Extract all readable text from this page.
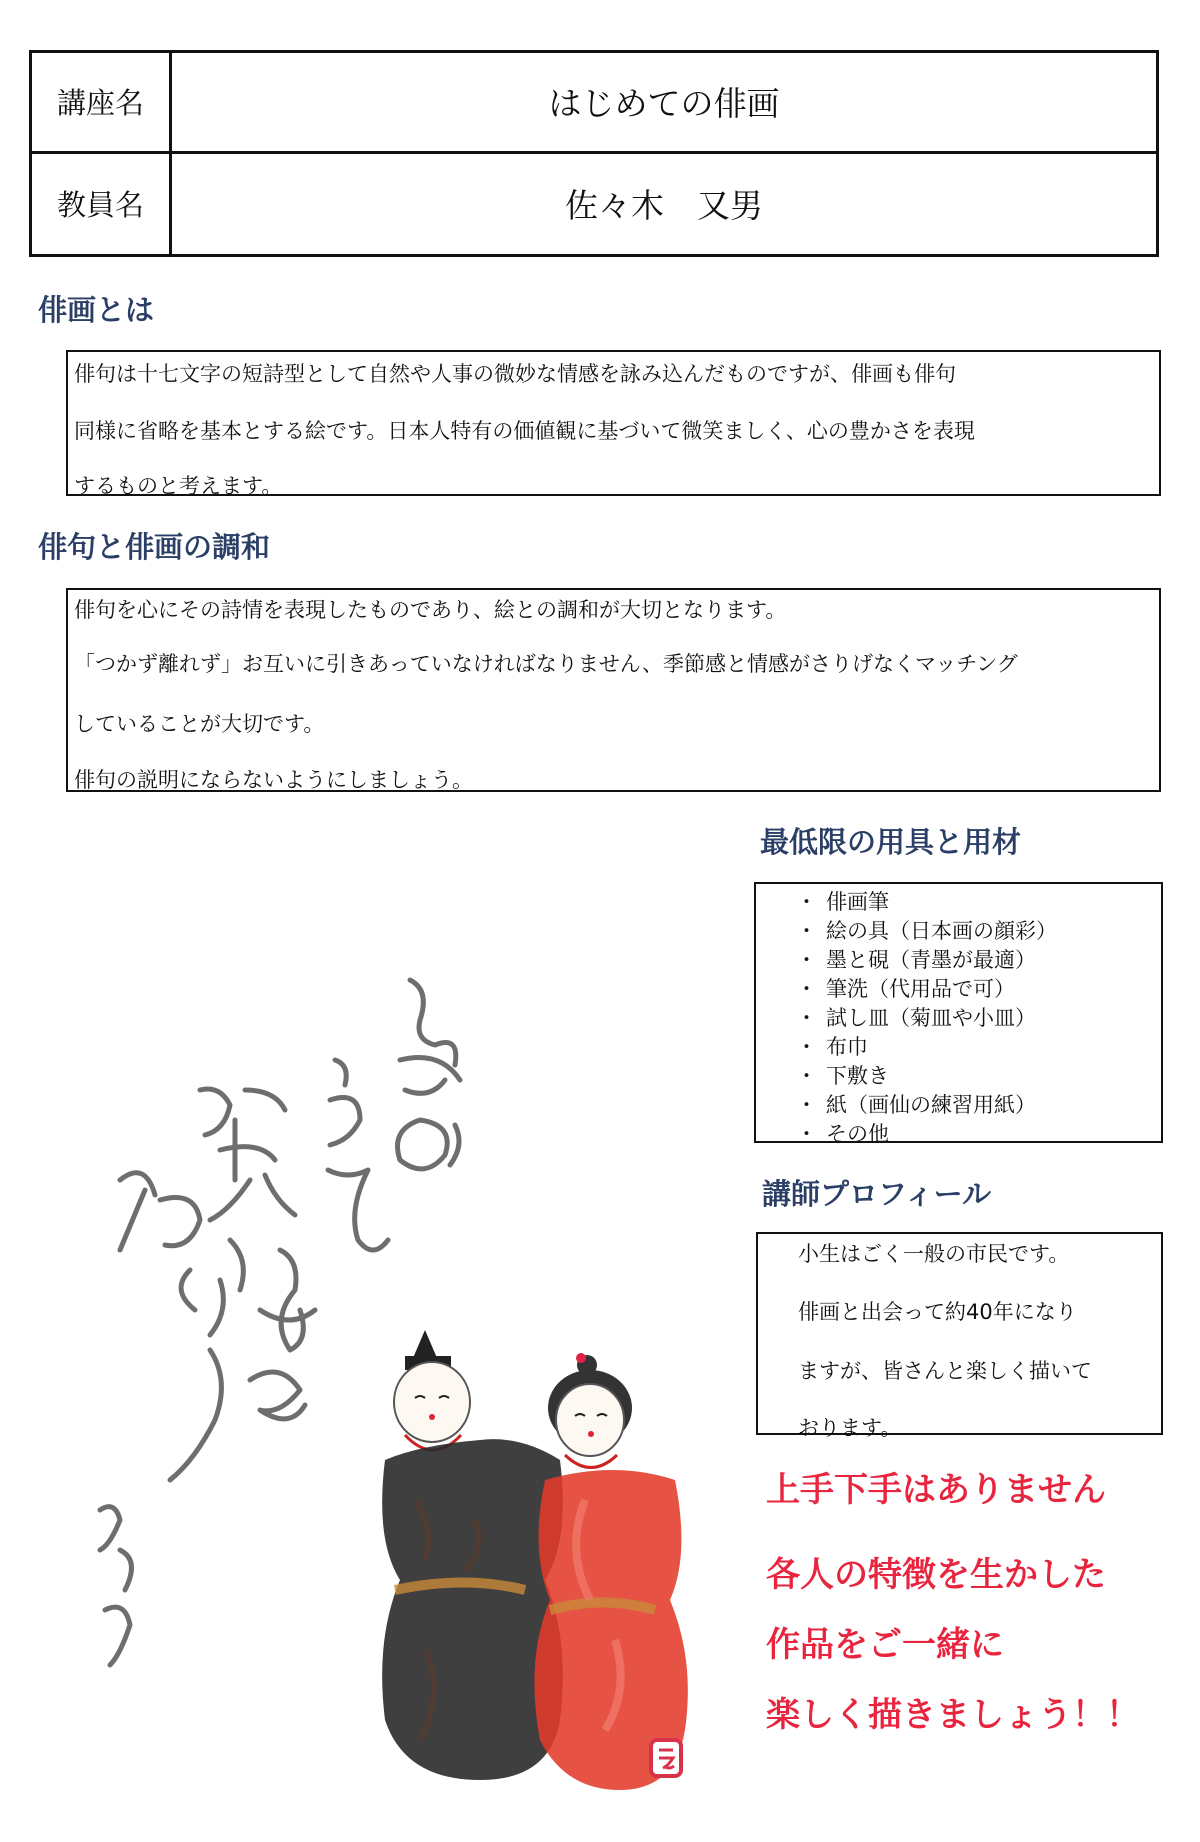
講座名	はじめての俳画
教員名	佐々木　又男
俳画とは

俳句は十七文字の短詩型として自然や人事の微妙な情感を詠み込んだものですが、俳画も俳句

同様に省略を基本とする絵です。日本人特有の価値観に基づいて微笑ましく、心の豊かさを表現

するものと考えます。

俳句と俳画の調和

俳句を心にその詩情を表現したものであり、絵との調和が大切となります。

「つかず離れず」お互いに引きあっていなければなりません、季節感と情感がさりげなくマッチング

していることが大切です。

俳句の説明にならないようにしましょう。

最低限の用具と用材
・ 俳画筆
・ 絵の具（日本画の顔彩）
・ 墨と硯（青墨が最適）
・ 筆洗（代用品で可）
・ 試し皿（菊皿や小皿）
・ 布巾
・ 下敷き
・ 紙（画仙の練習用紙）
・ その他
講師プロフィール

小生はごく一般の市民です。

俳画と出会って約40年になり

ますが、皆さんと楽しく描いて

おります。

上手下手はありません
各人の特徴を生かした
作品をご一緒に
楽しく描きましょう！！
